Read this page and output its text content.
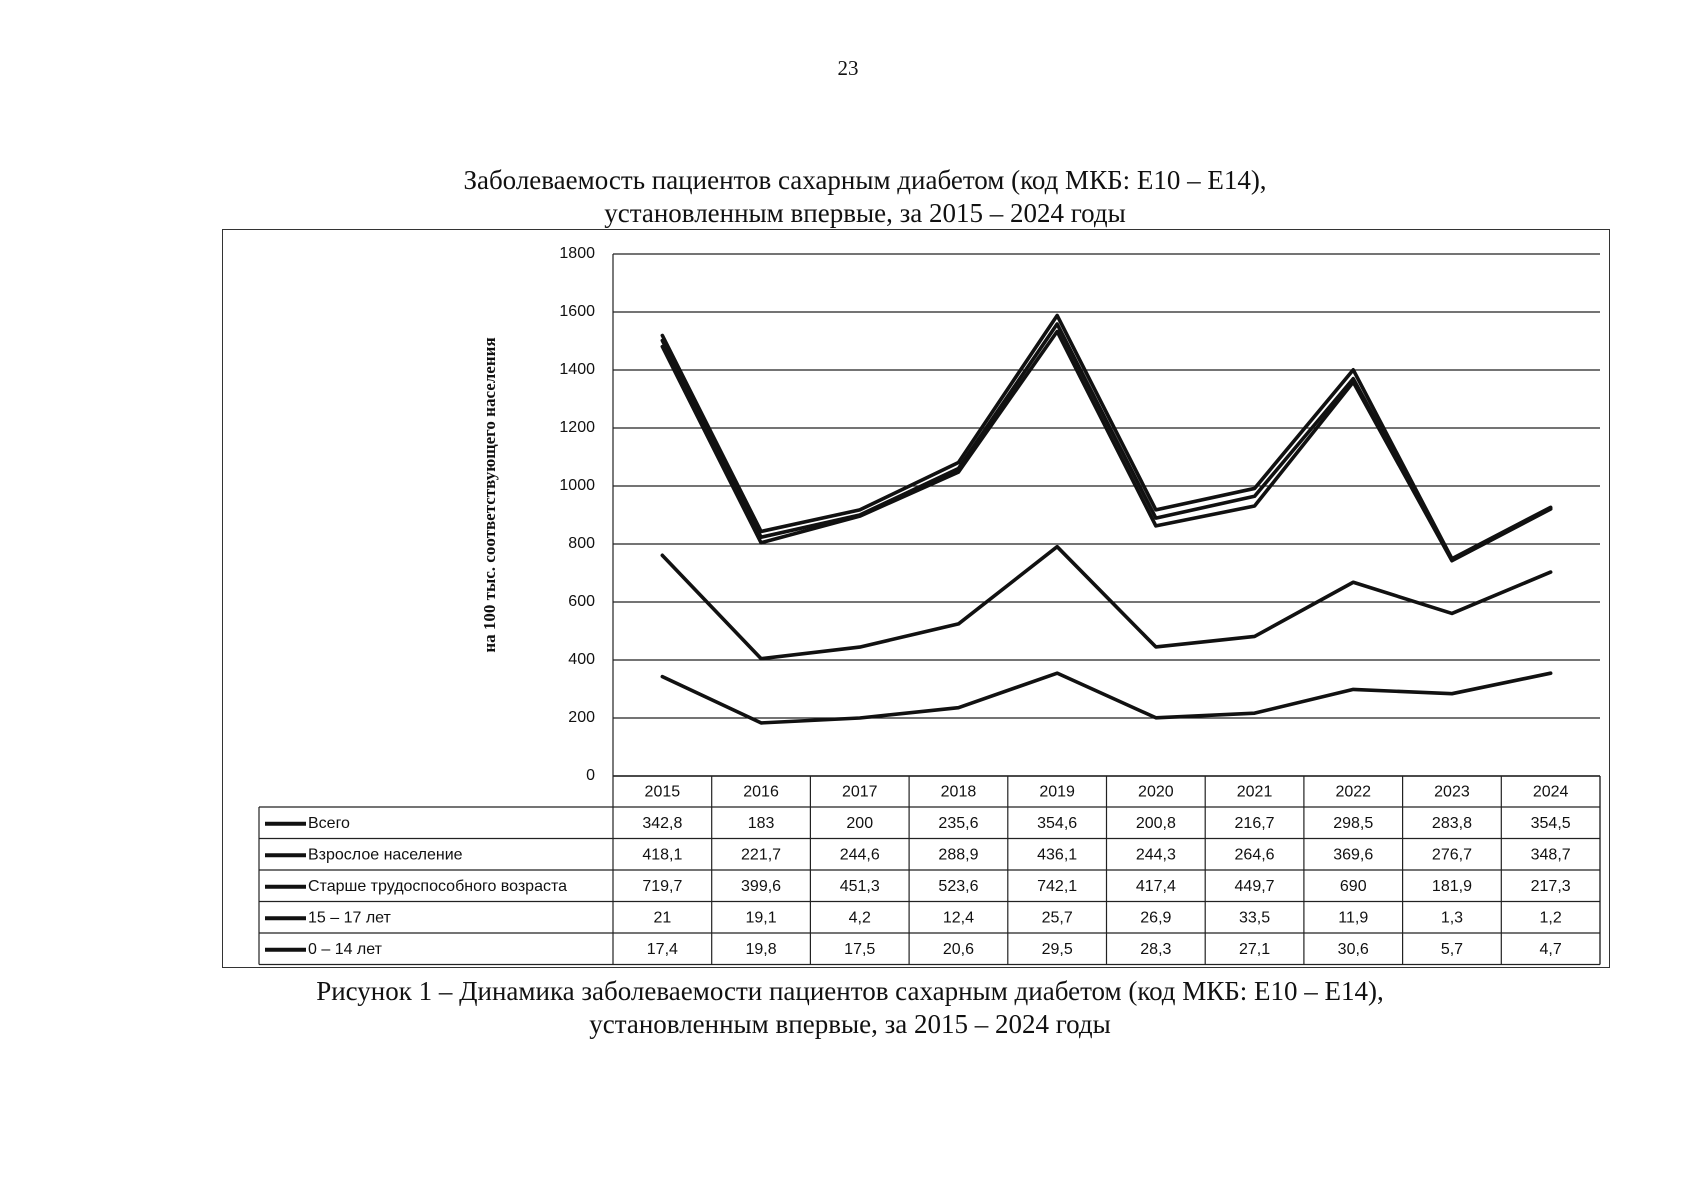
23
Заболеваемость пациентов сахарным диабетом (код МКБ: Е10 – Е14),
установленным впервые, за 2015 – 2024 годы
0
200
400
600
800
1000
1200
1400
1600
1800
на 100 тыс. соответствующего населения
2015	2016	2017	2018	2019	2020	2021	2022	2023	2024
Всего	342,8	183	200	235,6	354,6	200,8	216,7	298,5	283,8	354,5
Взрослое население	418,1	221,7	244,6	288,9	436,1	244,3	264,6	369,6	276,7	348,7
Старше трудоспособного возраста	719,7	399,6	451,3	523,6	742,1	417,4	449,7	690	181,9	217,3
15 – 17 лет	21	19,1	4,2	12,4	25,7	26,9	33,5	11,9	1,3	1,2
0 – 14 лет	17,4	19,8	17,5	20,6	29,5	28,3	27,1	30,6	5,7	4,7
Рисунок 1 – Динамика заболеваемости пациентов сахарным диабетом (код МКБ: Е10 – Е14),
установленным впервые, за 2015 – 2024 годы
